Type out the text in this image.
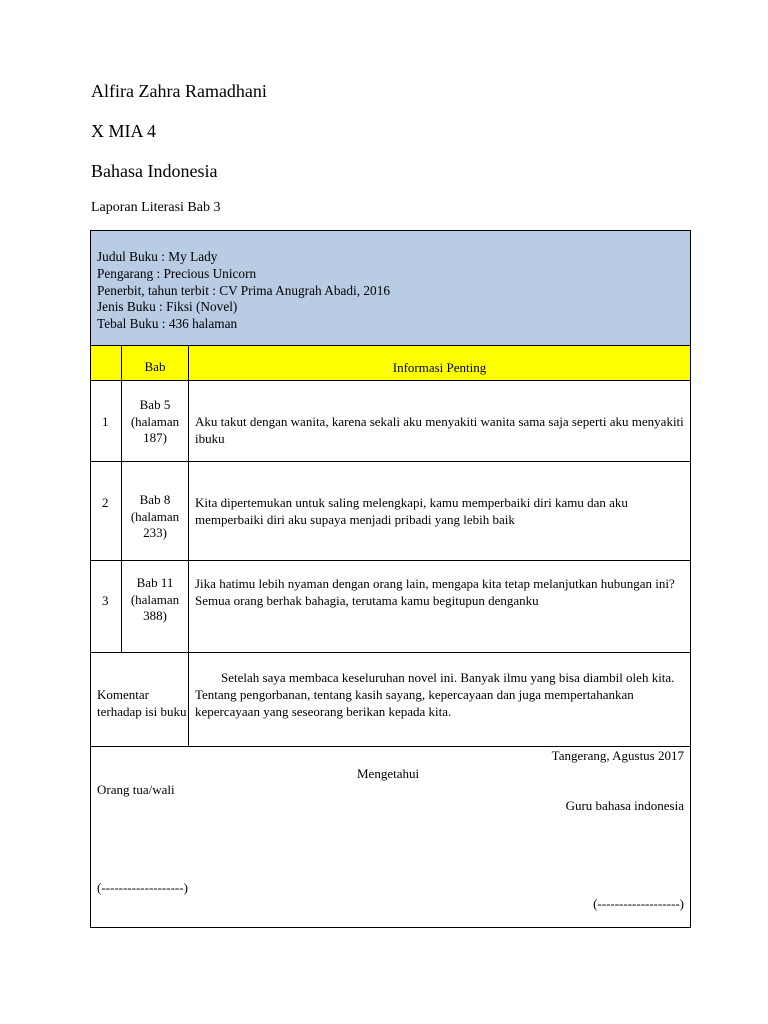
Alfira Zahra Ramadhani
X MIA 4
Bahasa Indonesia
Laporan Literasi Bab 3
Judul Buku : My Lady
Pengarang : Precious Unicorn
Penerbit, tahun terbit : CV Prima Anugrah Abadi, 2016
Jenis Buku : Fiksi (Novel)
Tebal Buku : 436 halaman
Bab	Informasi Penting
1
Bab 5
(halaman
187)
Aku takut dengan wanita, karena sekali aku menyakiti wanita sama saja seperti aku menyakiti ibuku
2	Bab 8
(halaman
233)
Kita dipertemukan untuk saling melengkapi, kamu memperbaiki diri kamu dan aku memperbaiki diri aku supaya menjadi pribadi yang lebih baik
3
Bab 11
(halaman
388)
Jika hatimu lebih nyaman dengan orang lain, mengapa kita tetap melanjutkan hubungan ini? Semua orang berhak bahagia, terutama kamu begitupun denganku
Komentar terhadap isi buku
Setelah saya membaca keseluruhan novel ini. Banyak ilmu yang bisa diambil oleh kita. Tentang pengorbanan, tentang kasih sayang, kepercayaan dan juga mempertahankan kepercayaan yang seseorang berikan kepada kita.
Tangerang, Agustus 2017
Mengetahui
Orang tua/wali
Guru bahasa indonesia
(-------------------)
(-------------------)
